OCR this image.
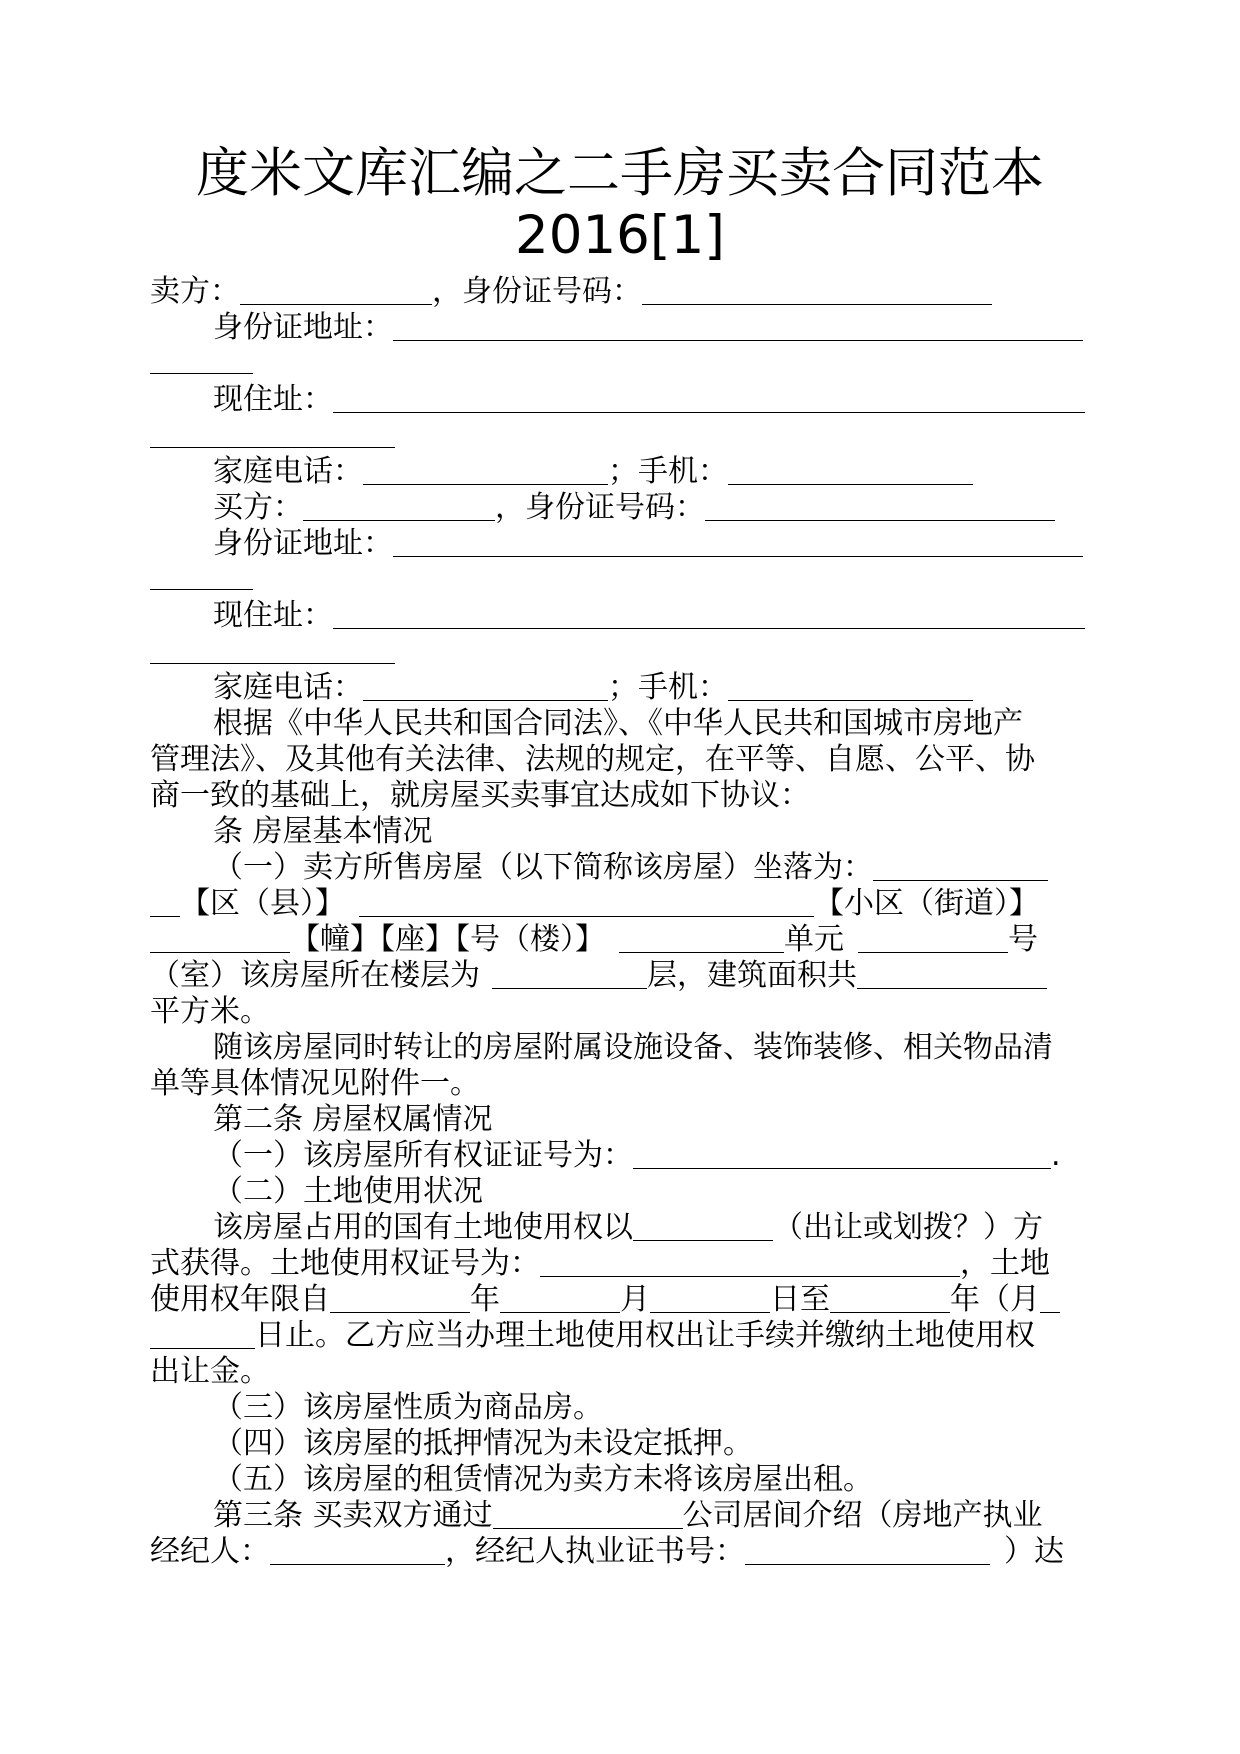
度米文库汇编之二手房买卖合同范本
2016[1]
卖方：	，身份证号码：
身份证地址：
现住址：
家庭电话：	；手机：
买方：	，身份证号码：
身份证地址：
现住址：
家庭电话：	；手机：
根据《中华人民共和国合同法》、《中华人民共和国城市房地产
管理法》、及其他有关法律、法规的规定，在平等、自愿、公平、协
商一致的基础上，就房屋买卖事宜达成如下协议：
条 房屋基本情况
（一）卖方所售房屋（以下简称该房屋）坐落为：
【区（县）】	【小区（街道）】
【幢】【座】【号（楼）】	单元	号
（室）该房屋所在楼层为	层，建筑面积共
平方米。
随该房屋同时转让的房屋附属设施设备、装饰装修、相关物品清
单等具体情况见附件一。
第二条 房屋权属情况
（一）该房屋所有权证证号为：	.
（二）土地使用状况
该房屋占用的国有土地使用权以	（出让或划拨？）方
式获得。土地使用权证号为：	，土地
使用权年限自	年	月	日至	年（月
日止。乙方应当办理土地使用权出让手续并缴纳土地使用权
出让金。
（三）该房屋性质为商品房。
（四）该房屋的抵押情况为未设定抵押。
（五）该房屋的租赁情况为卖方未将该房屋出租。
第三条 买卖双方通过	公司居间介绍（房地产执业
经纪人：	，经纪人执业证书号：	）达
